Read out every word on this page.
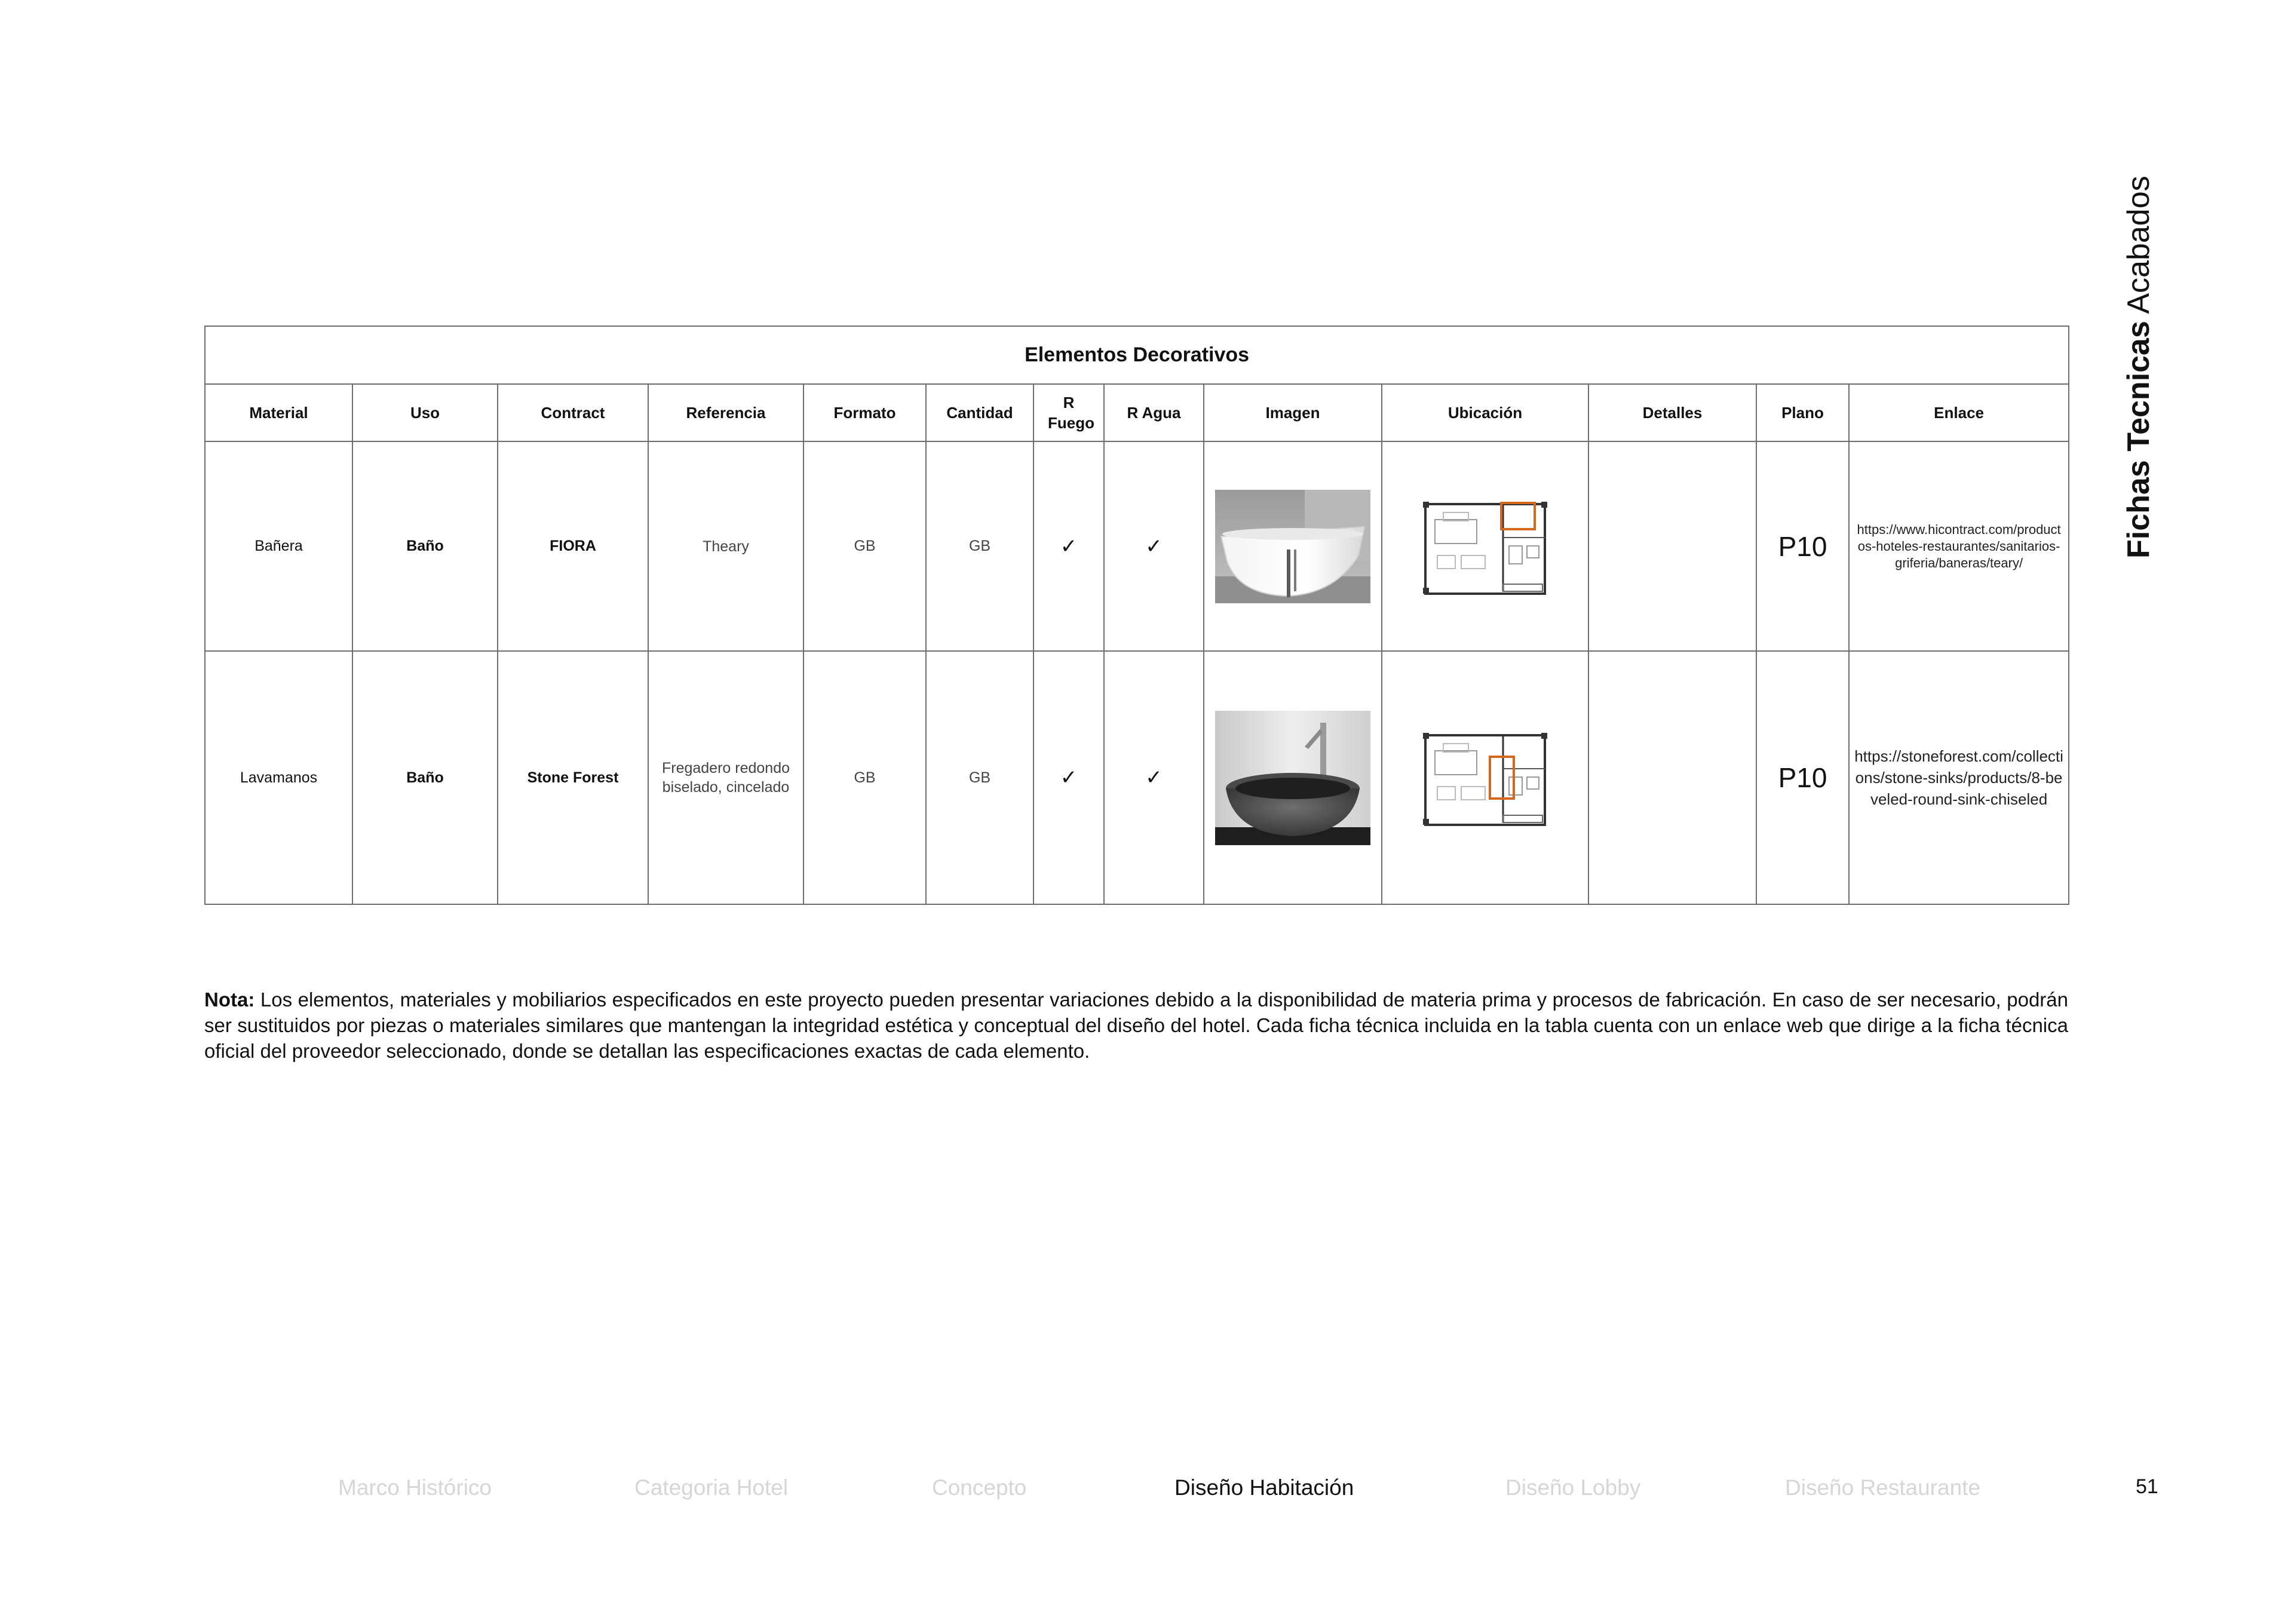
Fichas Tecnicas Acabados
Elementos Decorativos												
Material	Uso	Contract	Referencia	Formato	Cantidad	R Fuego	R Agua	Imagen	Ubicación	Detalles	Plano	Enlace
Bañera	Baño	FIORA	Theary	GB	GB	✓	✓				P10	https://www.hicontract.com/productos-hoteles-restaurantes/sanitarios-griferia/baneras/teary/
Lavamanos	Baño	Stone Forest	Fregadero redondo biselado, cincelado	GB	GB	✓	✓				P10	https://stoneforest.com/collections/stone-sinks/products/8-beveled-round-sink-chiseled
Nota: Los elementos, materiales y mobiliarios especificados en este proyecto pueden presentar variaciones debido a la disponibilidad de materia prima y procesos de fabricación. En caso de ser necesario, podrán ser sustituidos por piezas o materiales similares que mantengan la integridad estética y conceptual del diseño del hotel. Cada ficha técnica incluida en la tabla cuenta con un enlace web que dirige a la ficha técnica oficial del proveedor seleccionado, donde se detallan las especificaciones exactas de cada elemento.
Marco Histórico	Categoria Hotel	Concepto	Diseño Habitación	Diseño Lobby	Diseño Restaurante	51
